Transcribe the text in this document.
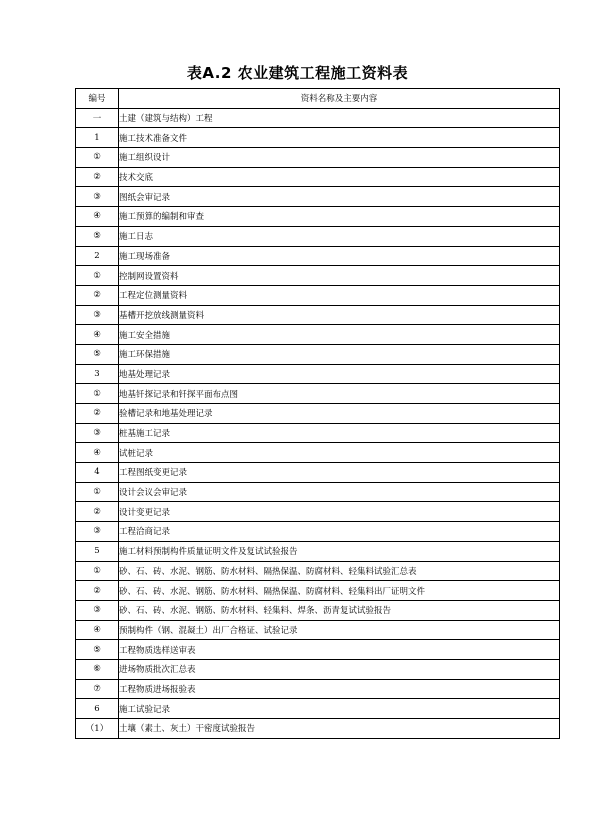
表A.2 农业建筑工程施工资料表
编号	资料名称及主要内容
一	土建（建筑与结构）工程
1	施工技术准备文件
①	施工组织设计
②	技术交底
③	图纸会审记录
④	施工预算的编制和审查
⑤	施工日志
2	施工现场准备
①	控制网设置资料
②	工程定位测量资料
③	基槽开挖放线测量资料
④	施工安全措施
⑤	施工环保措施
3	地基处理记录
①	地基钎探记录和钎探平面布点图
②	验槽记录和地基处理记录
③	桩基施工记录
④	试桩记录
4	工程图纸变更记录
①	设计会议会审记录
②	设计变更记录
③	工程洽商记录
5	施工材料预制构件质量证明文件及复试试验报告
①	砂、石、砖、水泥、钢筋、防水材料、隔热保温、防腐材料、轻集料试验汇总表
②	砂、石、砖、水泥、钢筋、防水材料、隔热保温、防腐材料、轻集料出厂证明文件
③	砂、石、砖、水泥、钢筋、防水材料、轻集料、焊条、沥青复试试验报告
④	预制构件（钢、混凝土）出厂合格证、试验记录
⑤	工程物质选样送审表
⑥	进场物质批次汇总表
⑦	工程物质进场报验表
6	施工试验记录
（1）	土壤（素土、灰土）干密度试验报告
